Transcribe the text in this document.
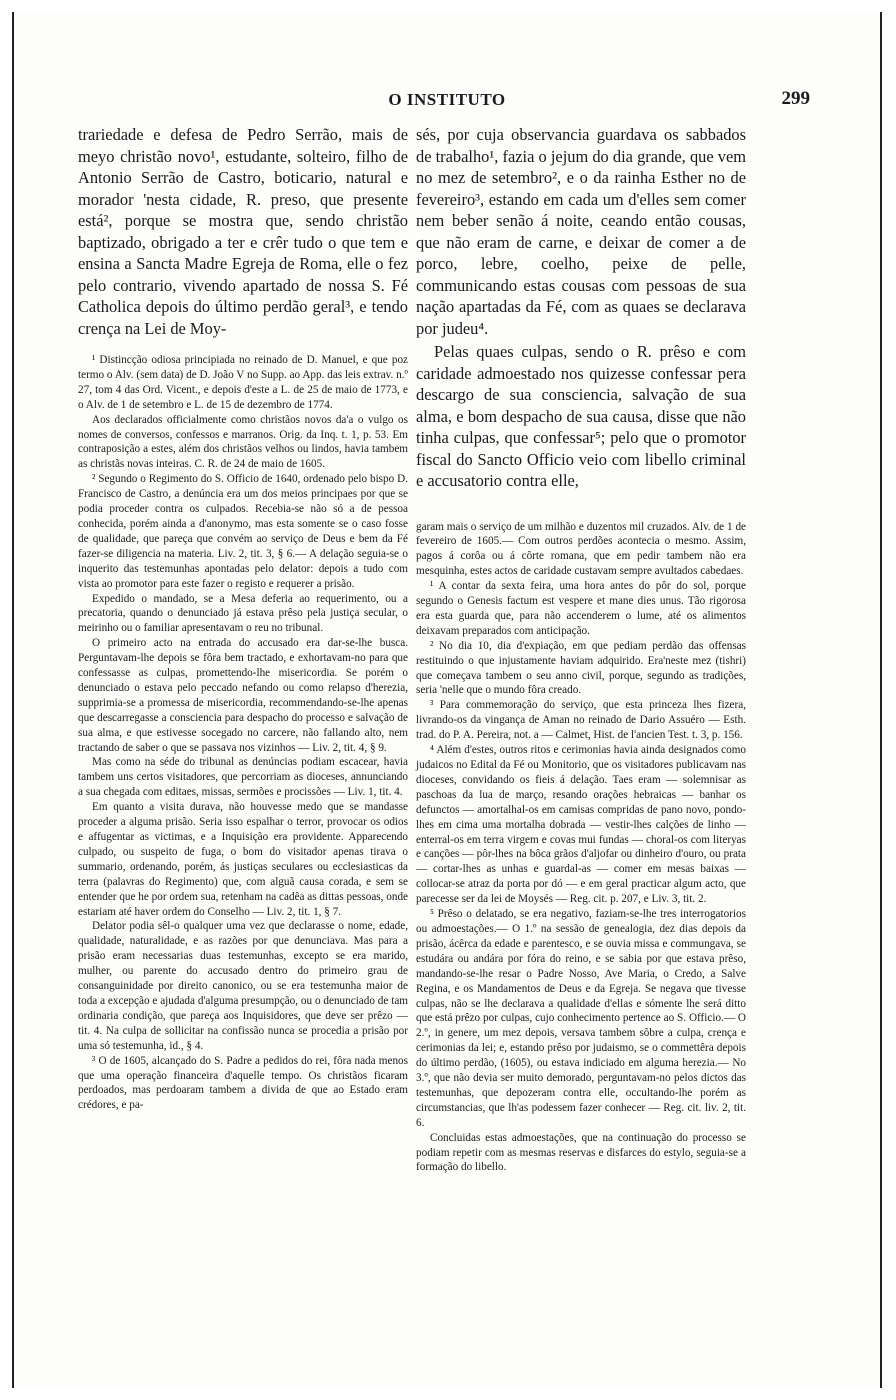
O INSTITUTO	299

trariedade e defesa de Pedro Serrão, mais de meyo christão novo¹, estudante, solteiro, filho de Antonio Serrão de Castro, boticario, natural e morador 'nesta cidade, R. preso, que presente está², porque se mostra que, sendo christão baptizado, obrigado a ter e crêr tudo o que tem e ensina a Sancta Madre Egreja de Roma, elle o fez pelo contrario, vivendo apartado de nossa S. Fé Catholica depois do último perdão geral³, e tendo crença na Lei de Moy-

¹ Distincção odiosa principiada no reinado de D. Manuel, e que poz termo o Alv. (sem data) de D. João V no Supp. ao App. das leis extrav. n.º 27, tom 4 das Ord. Vicent., e depois d'este a L. de 25 de maio de 1773, e o Alv. de 1 de setembro e L. de 15 de dezembro de 1774.

Aos declarados officialmente como christãos novos da'a o vulgo os nomes de conversos, confessos e marranos. Orig. da Inq. t. 1, p. 53. Em contraposição a estes, além dos christãos velhos ou lindos, havia tambem as christãs novas inteiras. C. R. de 24 de maio de 1605.

² Segundo o Regimento do S. Officio de 1640, ordenado pelo bispo D. Francisco de Castro, a denúncia era um dos meios principaes por que se podia proceder contra os culpados. Recebia-se não só a de pessoa conhecida, porém ainda a d'anonymo, mas esta somente se o caso fosse de qualidade, que pareça que convém ao serviço de Deus e bem da Fé fazer-se diligencia na materia. Liv. 2, tit. 3, § 6.— A delação seguia-se o inquerito das testemunhas apontadas pelo delator: depois a tudo com vista ao promotor para este fazer o registo e requerer a prisão.

Expedido o mandado, se a Mesa deferia ao requerimento, ou a precatoria, quando o denunciado já estava prêso pela justiça secular, o meirinho ou o familiar apresentavam o reu no tribunal.

O primeiro acto na entrada do accusado era dar-se-lhe busca. Perguntavam-lhe depois se fôra bem tractado, e exhortavam-no para que confessasse as culpas, promettendo-lhe misericordia. Se porém o denunciado o estava pelo peccado nefando ou como relapso d'herezia, supprimia-se a promessa de misericordia, recommendando-se-lhe apenas que descarregasse a consciencia para despacho do processo e salvação de sua alma, e que estivesse socegado no carcere, não fallando alto, nem tractando de saber o que se passava nos vizinhos — Liv. 2, tit. 4, § 9.

Mas como na séde do tribunal as denúncias podiam escacear, havia tambem uns certos visitadores, que percorriam as dioceses, annunciando a sua chegada com editaes, missas, sermões e procissões — Liv. 1, tit. 4.

Em quanto a visita durava, não houvesse medo que se mandasse proceder a alguma prisão. Seria isso espalhar o terror, provocar os odios e affugentar as victimas, e a Inquisição era providente. Apparecendo culpado, ou suspeito de fuga, o bom do visitador apenas tirava o summario, ordenando, porém, ás justiças seculares ou ecclesiasticas da terra (palavras do Regimento) que, com alguã causa corada, e sem se entender que he por ordem sua, retenham na cadêa as dittas pessoas, onde estariam até haver ordem do Conselho — Liv. 2, tit. 1, § 7.

Delator podia sêl-o qualquer uma vez que declarasse o nome, edade, qualidade, naturalidade, e as razões por que denunciava. Mas para a prisão eram necessarias duas testemunhas, excepto se era marido, mulher, ou parente do accusado dentro do primeiro grau de consanguinidade por direito canonico, ou se era testemunha maior de toda a excepção e ajudada d'alguma presumpção, ou o denunciado de tam ordinaria condição, que pareça aos Inquisidores, que deve ser prêzo — tit. 4. Na culpa de sollicitar na confissão nunca se procedia a prisão por uma só testemunha, id., § 4.

³ O de 1605, alcançado do S. Padre a pedidos do rei, fôra nada menos que uma operação financeira d'aquelle tempo. Os christãos ficaram perdoados, mas perdoaram tambem a divida de que ao Estado eram crédores, e pa-

sés, por cuja observancia guardava os sabbados de trabalho¹, fazia o jejum do dia grande, que vem no mez de setembro², e o da rainha Esther no de fevereiro³, estando em cada um d'elles sem comer nem beber senão á noite, ceando então cousas, que não eram de carne, e deixar de comer a de porco, lebre, coelho, peixe de pelle, communicando estas cousas com pessoas de sua nação apartadas da Fé, com as quaes se declarava por judeu⁴.

Pelas quaes culpas, sendo o R. prêso e com caridade admoestado nos quizesse confessar pera descargo de sua consciencia, salvação de sua alma, e bom despacho de sua causa, disse que não tinha culpas, que confessar⁵; pelo que o promotor fiscal do Sancto Officio veio com libello criminal e accusatorio contra elle,

garam mais o serviço de um milhão e duzentos mil cruzados. Alv. de 1 de fevereiro de 1605.— Com outros perdões acontecia o mesmo. Assim, pagos á corôa ou á côrte romana, que em pedir tambem não era mesquinha, estes actos de caridade custavam sempre avultados cabedaes.

¹ A contar da sexta feira, uma hora antes do pôr do sol, porque segundo o Genesis factum est vespere et mane dies unus. Tão rigorosa era esta guarda que, para não accenderem o lume, até os alimentos deixavam preparados com anticipação.

² No dia 10, dia d'expiação, em que pediam perdão das offensas restituindo o que injustamente haviam adquirido. Era'neste mez (tishri) que começava tambem o seu anno civil, porque, segundo as tradições, seria 'nelle que o mundo fôra creado.

³ Para commemoração do serviço, que esta princeza lhes fizera, livrando-os da vingança de Aman no reinado de Dario Assuéro — Esth. trad. do P. A. Pereira, not. a — Calmet, Hist. de l'ancien Test. t. 3, p. 156.

⁴ Além d'estes, outros ritos e cerimonias havia ainda designados como judaicos no Edital da Fé ou Monitorio, que os visitadores publicavam nas dioceses, convidando os fieis á delação. Taes eram — solemnisar as paschoas da lua de março, resando orações hebraicas — banhar os defunctos — amortalhal-os em camisas compridas de pano novo, pondo-lhes em cima uma mortalha dobrada — vestir-lhes calções de linho — enterral-os em terra virgem e covas mui fundas — choral-os com literyas e canções — pôr-lhes na bôca grãos d'aljofar ou dinheiro d'ouro, ou prata — cortar-lhes as unhas e guardal-as — comer em mesas baixas — collocar-se atraz da porta por dó — e em geral practicar algum acto, que parecesse ser da lei de Moysés — Reg. cit. p. 207, e Liv. 3, tit. 2.

⁵ Prêso o delatado, se era negativo, faziam-se-lhe tres interrogatorios ou admoestações.— O 1.º na sessão de genealogia, dez dias depois da prisão, ácêrca da edade e parentesco, e se ouvia missa e commungava, se estudára ou andára por fóra do reino, e se sabia por que estava prêso, mandando-se-lhe resar o Padre Nosso, Ave Maria, o Credo, a Salve Regina, e os Mandamentos de Deus e da Egreja. Se negava que tivesse culpas, não se lhe declarava a qualidade d'ellas e sómente lhe será ditto que está prêzo por culpas, cujo conhecimento pertence ao S. Officio.— O 2.º, in genere, um mez depois, versava tambem sôbre a culpa, crença e cerimonias da lei; e, estando prêso por judaismo, se o commettêra depois do último perdão, (1605), ou estava indiciado em alguma herezia.— No 3.º, que não devia ser muito demorado, perguntavam-no pelos dictos das testemunhas, que depozeram contra elle, occultando-lhe porém as circumstancias, que lh'as podessem fazer conhecer — Reg. cit. liv. 2, tit. 6.

Concluidas estas admoestações, que na continuação do processo se podiam repetir com as mesmas reservas e disfarces do estylo, seguia-se a formação do libello.
